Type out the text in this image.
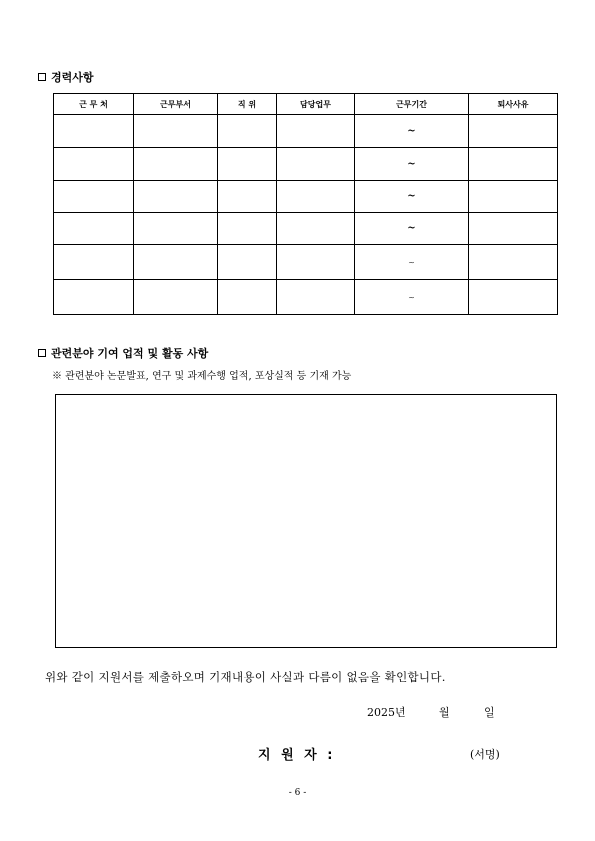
경력사항
근 무 처	근무부서	직 위	담당업무	근무기간	퇴사사유
				~	
				~	
				~	
				~	
				~	
				~	
관련분야 기여 업적 및 활동 사항
※ 관련분야 논문발표, 연구 및 과제수행 업적, 포상실적 등 기재 가능
위와 같이 지원서를 제출하오며 기재내용이 사실과 다름이 없음을 확인합니다.
2025년	월	일
지 원 자 :	(서명)
- 6 -
